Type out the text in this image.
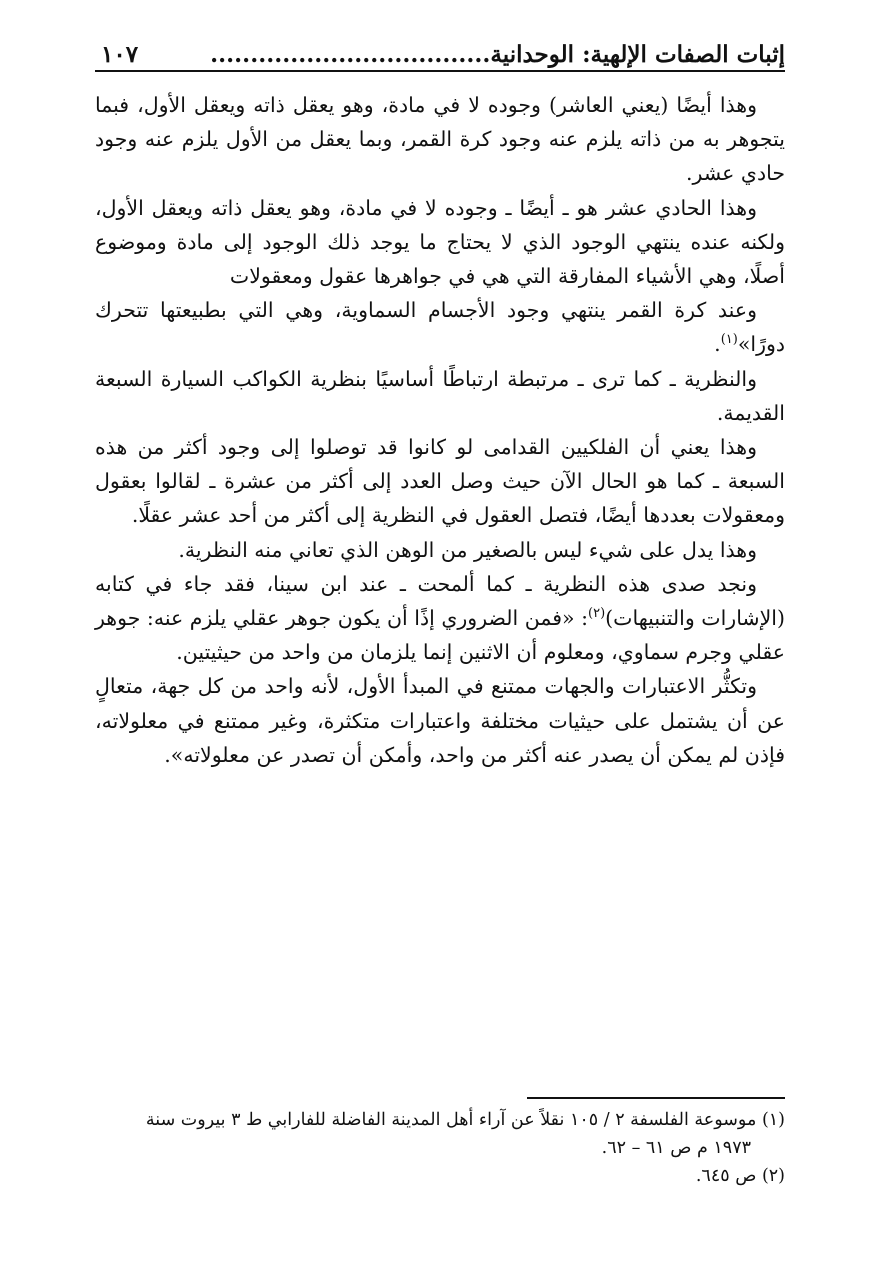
إثبات الصفات الإلهية: الوحدانية...................................
١٠٧

وهذا أيضًا (يعني العاشر) وجوده لا في مادة، وهو يعقل ذاته ويعقل الأول، فبما يتجوهر به من ذاته يلزم عنه وجود كرة القمر، وبما يعقل من الأول يلزم عنه وجود حادي عشر.

وهذا الحادي عشر هو ـ أيضًا ـ وجوده لا في مادة، وهو يعقل ذاته ويعقل الأول، ولكنه عنده ينتهي الوجود الذي لا يحتاج ما يوجد ذلك الوجود إلى مادة وموضوع أصلًا، وهي الأشياء المفارقة التي هي في جواهرها عقول ومعقولات

وعند كرة القمر ينتهي وجود الأجسام السماوية، وهي التي بطبيعتها تتحرك دورًا»$^{(١)}$.

والنظرية ـ كما ترى ـ مرتبطة ارتباطًا أساسيًا بنظرية الكواكب السيارة السبعة القديمة.

وهذا يعني أن الفلكيين القدامى لو كانوا قد توصلوا إلى وجود أكثر من هذه السبعة ـ كما هو الحال الآن حيث وصل العدد إلى أكثر من عشرة ـ لقالوا بعقول ومعقولات بعددها أيضًا، فتصل العقول في النظرية إلى أكثر من أحد عشر عقلًا.

وهذا يدل على شيء ليس بالصغير من الوهن الذي تعاني منه النظرية.

ونجد صدى هذه النظرية ـ كما ألمحت ـ عند ابن سينا، فقد جاء في كتابه (الإشارات والتنبيهات)$^{(٢)}$: «فمن الضروري إذًا أن يكون جوهر عقلي يلزم عنه: جوهر عقلي وجرم سماوي، ومعلوم أن الاثنين إنما يلزمان من واحد من حيثيتين.

وتكثُّر الاعتبارات والجهات ممتنع في المبدأ الأول، لأنه واحد من كل جهة، متعالٍ عن أن يشتمل على حيثيات مختلفة واعتبارات متكثرة، وغير ممتنع في معلولاته، فإذن لم يمكن أن يصدر عنه أكثر من واحد، وأمكن أن تصدر عن معلولاته».

(١) موسوعة الفلسفة ٢ / ١٠٥ نقلاً عن آراء أهل المدينة الفاضلة للفارابي ط ٣ بيروت سنة

١٩٧٣ م ص ٦١ – ٦٢.

(٢) ص ٦٤٥.
